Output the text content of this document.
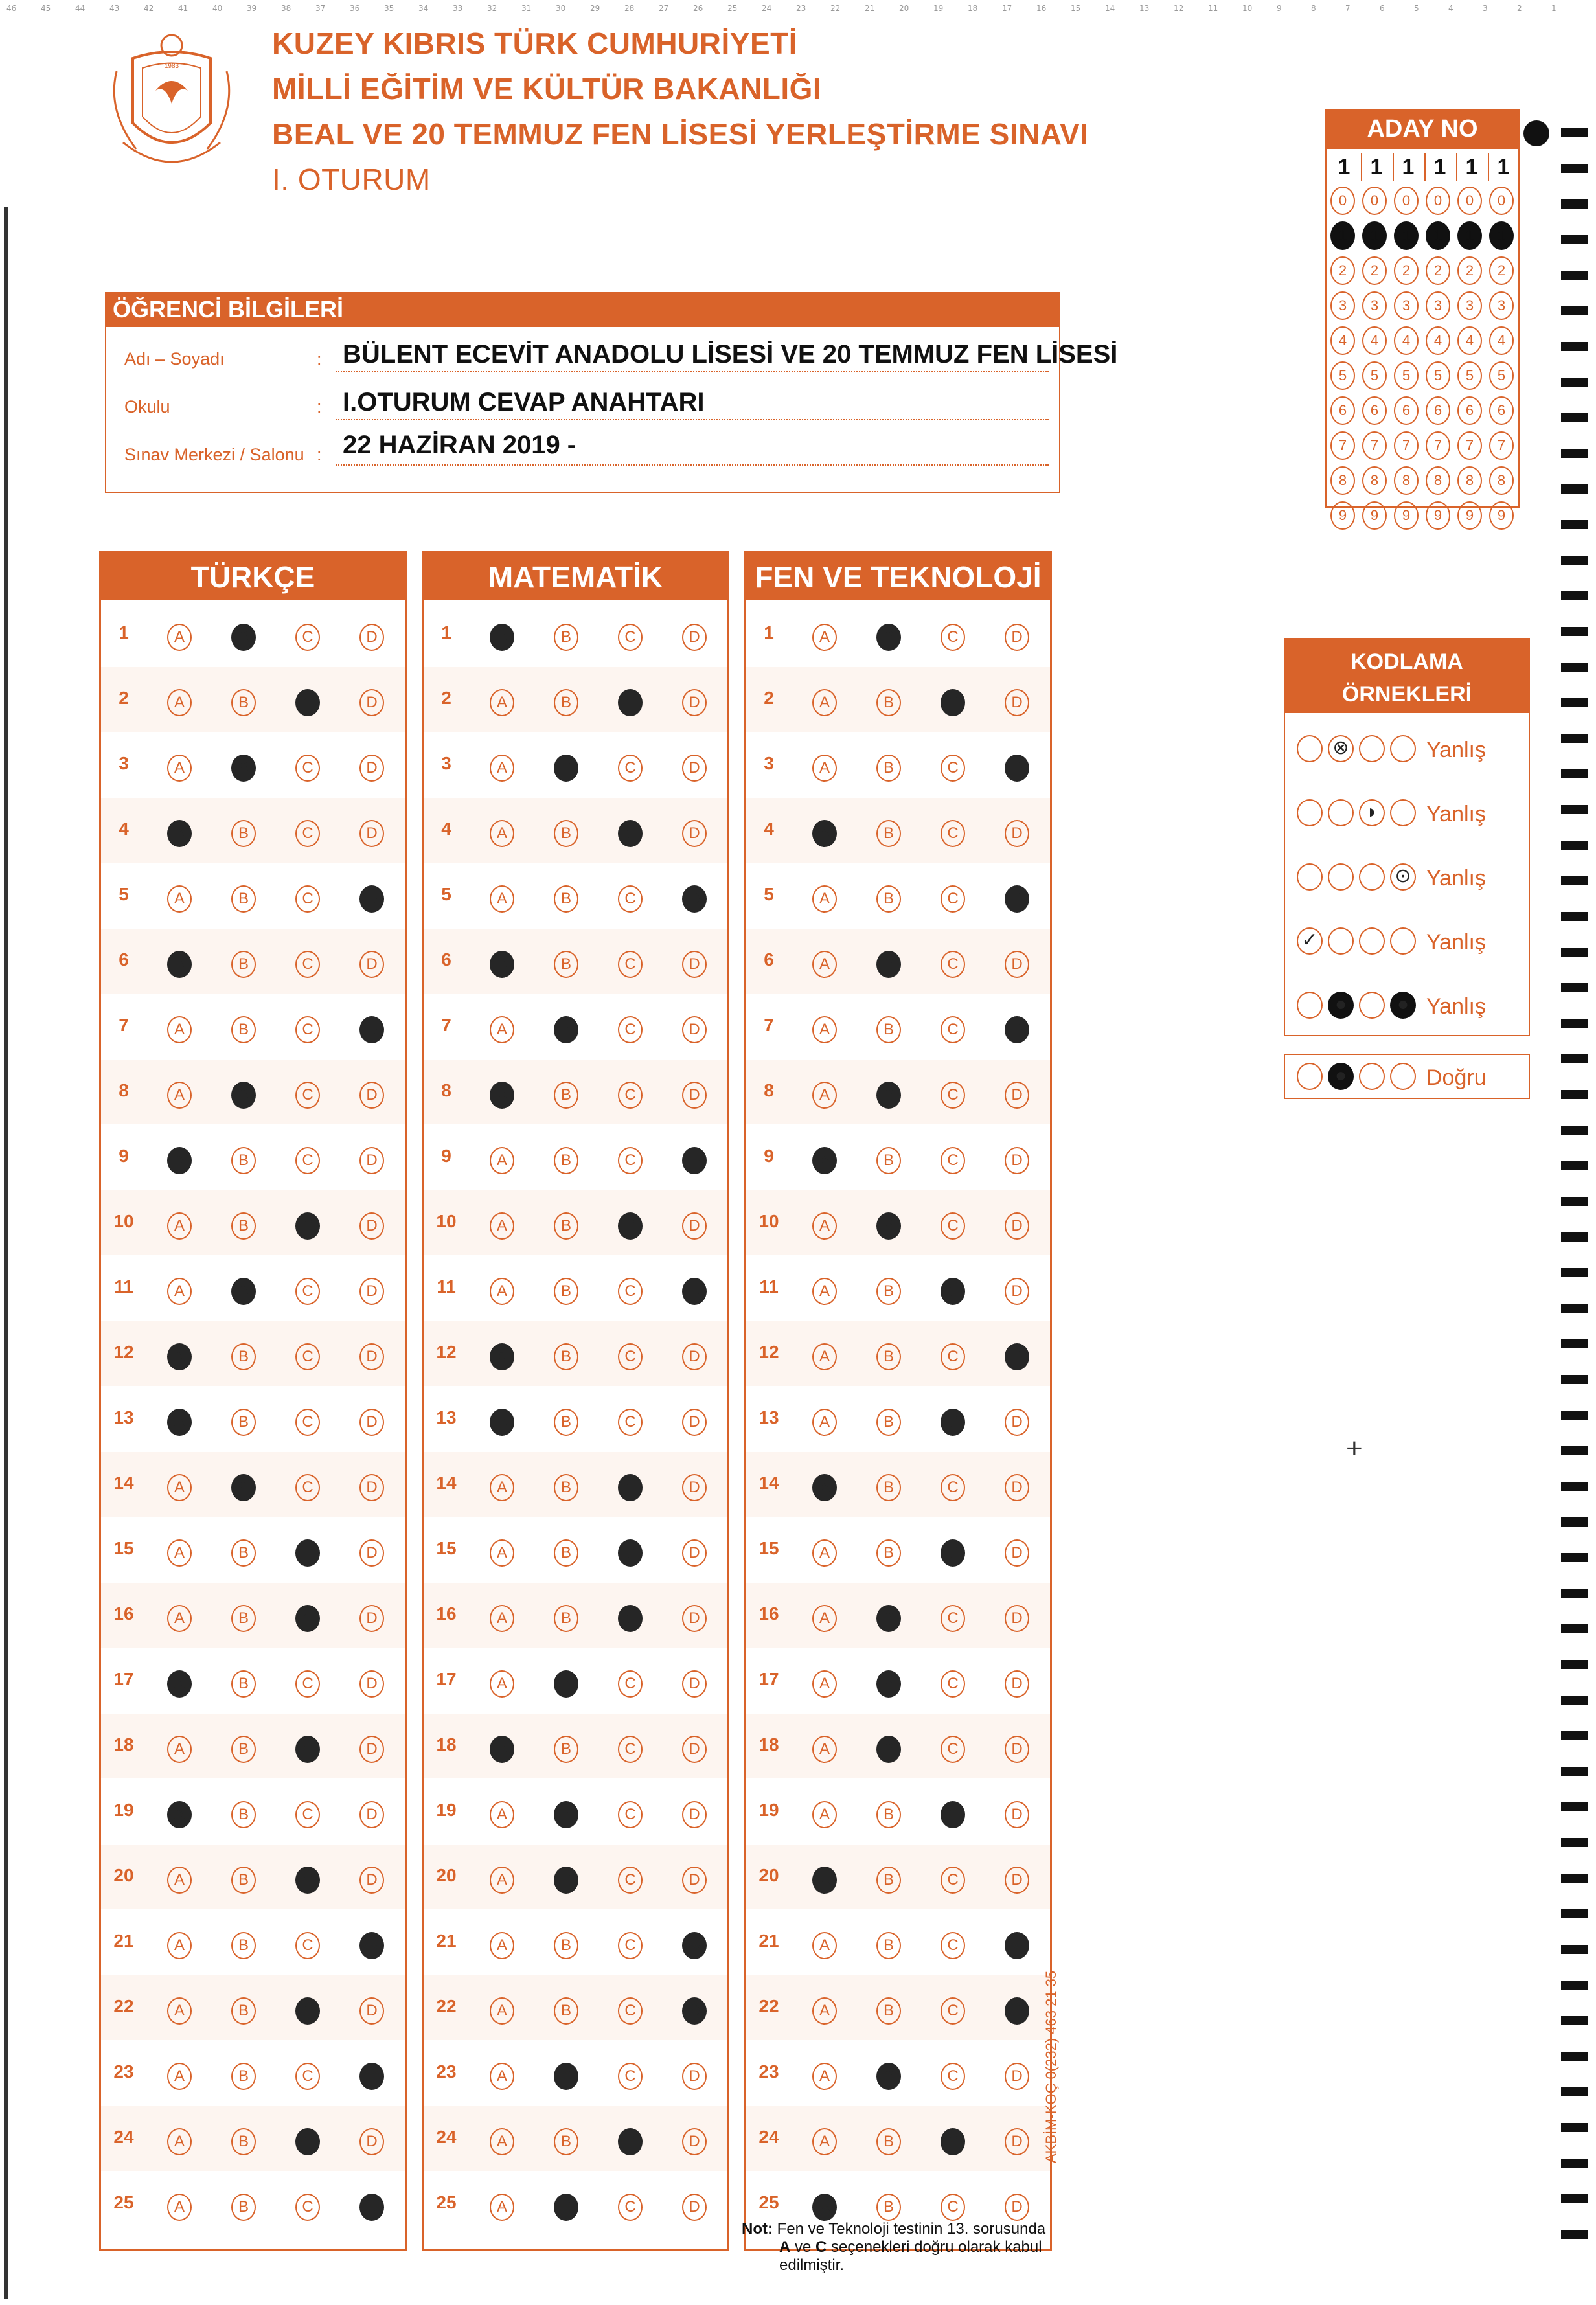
46	45	44	43	42	41	40	39	38	37	36	35	34	33	32	31	30	29	28	27	26	25	24	23	22	21	20	19	18	17	16	15	14	13	12	11	10	9	8	7	6	5	4	3	2	1
1983
KUZEY KIBRIS TÜRK CUMHURİYETİ
MİLLİ EĞİTİM VE KÜLTÜR BAKANLIĞI
BEAL VE 20 TEMMUZ FEN LİSESİ YERLEŞTİRME SINAVI
I. OTURUM
ÖĞRENCİ BİLGİLERİ
Adı – Soyadı	: BÜLENT ECEVİT ANADOLU LİSESİ VE 20 TEMMUZ FEN LİSESİ
Okulu	: I.OTURUM CEVAP ANAHTARI
Sınav Merkezi / Salonu : 22 HAZİRAN 2019 -
ADAY NO
1 1 1 1 1 1
0	0	0	0	0	0
1	1	1	1	1	1
2	2	2	2	2	2
3	3	3	3	3	3
4	4	4	4	4	4
5	5	5	5	5	5
6	6	6	6	6	6
7	7	7	7	7	7
8	8	8	8	8	8
9	9	9	9	9	9
TÜRKÇE
1	A	B	C	D
2	A	B	C	D
3	A	B	C	D
4	A	B	C	D
5	A	B	C	D
6	A	B	C	D
7	A	B	C	D
8	A	B	C	D
9	A	B	C	D
10	A	B	C	D
11	A	B	C	D
12	A	B	C	D
13	A	B	C	D
14	A	B	C	D
15	A	B	C	D
16	A	B	C	D
17	A	B	C	D
18	A	B	C	D
19	A	B	C	D
20	A	B	C	D
21	A	B	C	D
22	A	B	C	D
23	A	B	C	D
24	A	B	C	D
25	A	B	C	D
MATEMATİK
1	A	B	C	D
2	A	B	C	D
3	A	B	C	D
4	A	B	C	D
5	A	B	C	D
6	A	B	C	D
7	A	B	C	D
8	A	B	C	D
9	A	B	C	D
10	A	B	C	D
11	A	B	C	D
12	A	B	C	D
13	A	B	C	D
14	A	B	C	D
15	A	B	C	D
16	A	B	C	D
17	A	B	C	D
18	A	B	C	D
19	A	B	C	D
20	A	B	C	D
21	A	B	C	D
22	A	B	C	D
23	A	B	C	D
24	A	B	C	D
25	A	B	C	D
FEN VE TEKNOLOJİ
1	A	B	C	D
2	A	B	C	D
3	A	B	C	D
4	A	B	C	D
5	A	B	C	D
6	A	B	C	D
7	A	B	C	D
8	A	B	C	D
9	A	B	C	D
10	A	B	C	D
11	A	B	C	D
12	A	B	C	D
13	A	B	C	D
14	A	B	C	D
15	A	B	C	D
16	A	B	C	D
17	A	B	C	D
18	A	B	C	D
19	A	B	C	D
20	A	B	C	D
21	A	B	C	D
22	A	B	C	D
23	A	B	C	D
24	A	B	C	D
25	A	B	C	D
KODLAMA
ÖRNEKLERİ
⊗	Yanlış
◗	Yanlış
⊙ Yanlış
✓	Yanlış
●	● Yanlış
●	Doğru
AKBİM-KOÇ 0(232) 463 21 35
+
Not: Fen ve Teknoloji testinin 13. sorusunda
A ve C seçenekleri doğru olarak kabul
edilmiştir.
